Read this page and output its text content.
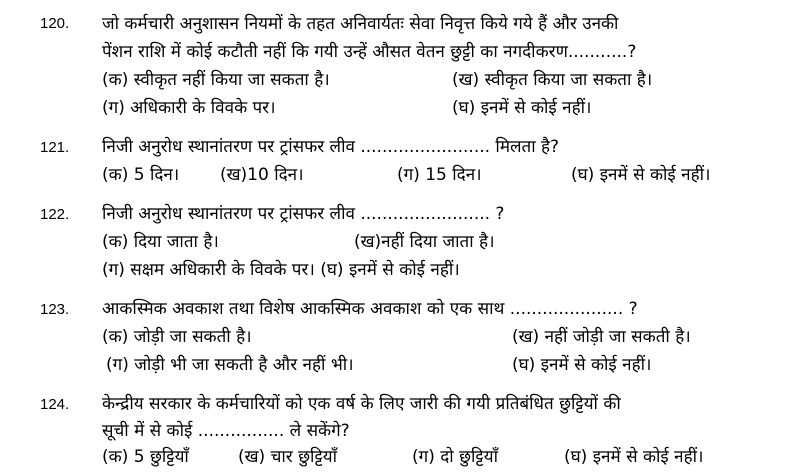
120. जो कर्मचारी अनुशासन नियमों के तहत अनिवार्यतः सेवा निवृत्त किये गये हैं और उनकी
पेंशन राशि में कोई कटौती नहीं कि गयी उन्हें औसत वेतन छुट्टी का नगदीकरण...........?
(क) स्वीकृत नहीं किया जा सकता है।	(ख) स्वीकृत किया जा सकता है।
(ग) अधिकारी के विवके पर।	(घ) इनमें से कोई नहीं।
121. निजी अनुरोध स्थानांतरण पर ट्रांसफर लीव ........................ मिलता है?
(क) 5 दिन। (ख)10 दिन।	(ग) 15 दिन।	(घ) इनमें से कोई नहीं।
122. निजी अनुरोध स्थानांतरण पर ट्रांसफर लीव ........................ ?
(क) दिया जाता है।	(ख)नहीं दिया जाता है।
(ग) सक्षम अधिकारी के विवके पर। (घ) इनमें से कोई नहीं।
123. आकस्मिक अवकाश तथा विशेष आकस्मिक अवकाश को एक साथ ..................... ?
(क) जोड़ी जा सकती है।	(ख) नहीं जोड़ी जा सकती है।
(ग) जोड़ी भी जा सकती है और नहीं भी।	(घ) इनमें से कोई नहीं।
124. केन्द्रीय सरकार के कर्मचारियों को एक वर्ष के लिए जारी की गयी प्रतिबंधित छुट्टियों की
सूची में से कोई ................ ले सकेंगे?
(क) 5 छुट्टियाँ	(ख) चार छुट्टियाँ	(ग) दो छुट्टियाँ	(घ) इनमें से कोई नहीं।
